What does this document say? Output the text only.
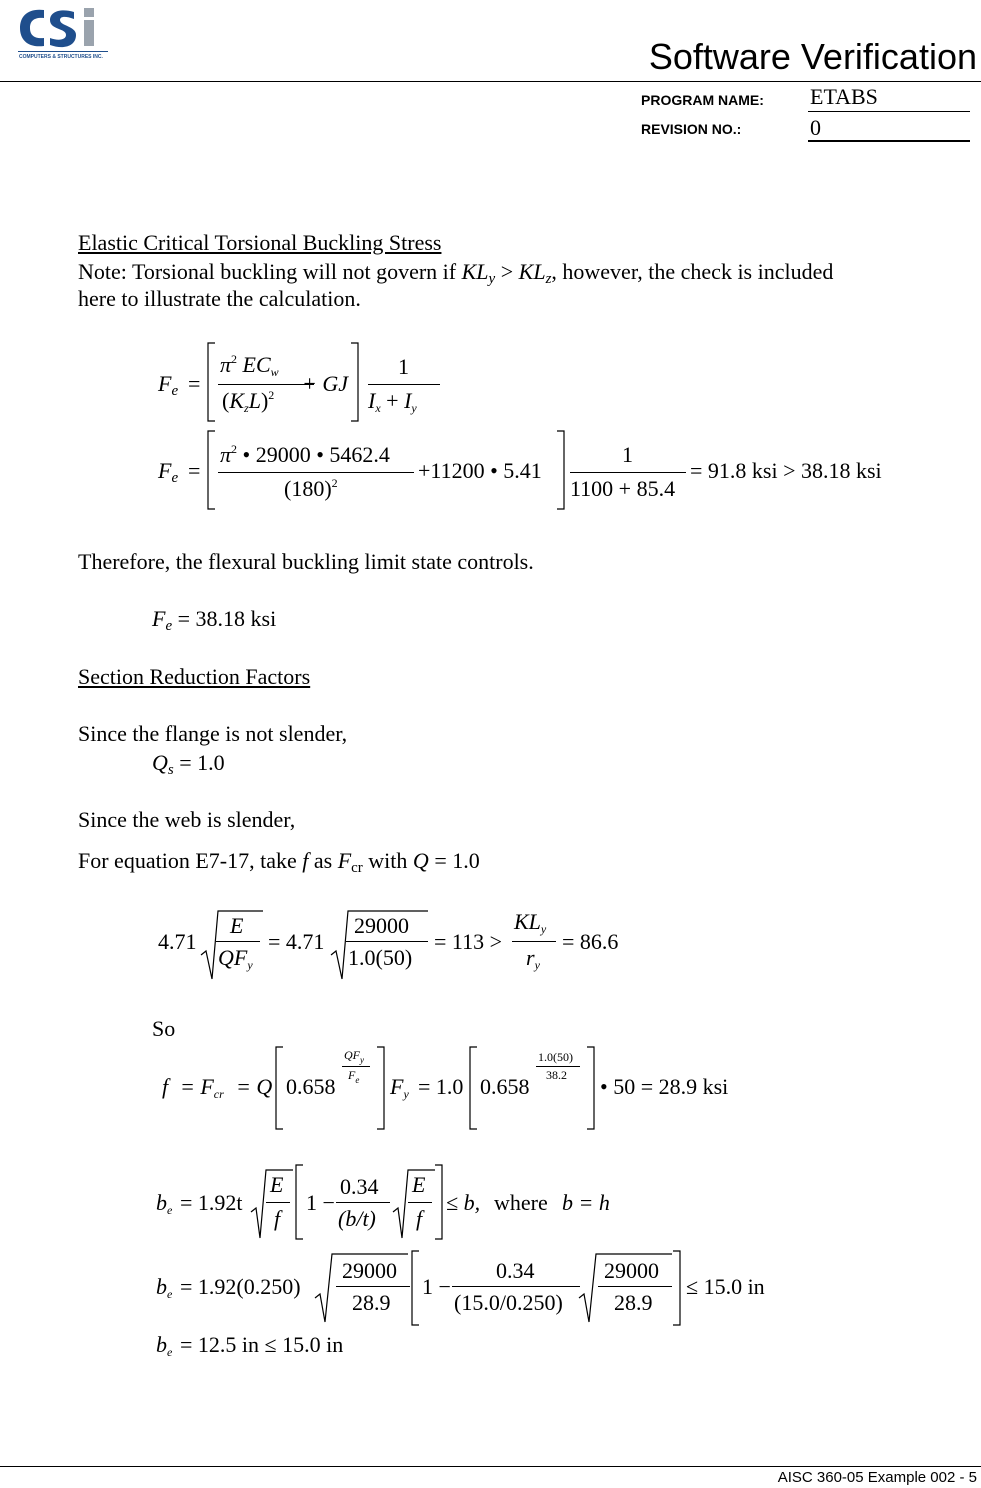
COMPUTERS & STRUCTURES INC.	Software Verification
PROGRAM NAME: ETABS
REVISION NO.:	0
Elastic Critical Torsional Buckling Stress
Note: Torsional buckling will not govern if $KL_y > KL_z$, however, the check is included
here to illustrate the calculation.
$F_e$ =
$\pi^2$ $EC_w$
$(K_zL)^2$ + GJ
1
$I_x + I_y$
$F_e$ =
$\pi^2$ • 29000 • 5462.4
$(180)^2$	+11200 • 5.41
1
1100 + 85.4
= 91.8 ksi > 38.18 ksi
Therefore, the flexural buckling limit state controls.
$F_e = 38.18$ ksi
Section Reduction Factors
Since the flange is not slender,
$Q_s = 1.0$
Since the web is slender,
For equation E7-17, take f as $F_{cr}$ with Q = 1.0
4.71
E
$QF_y$
= 4.71
29000
1.0(50)
= 113 >
$KL_y$
$r_y$
= 86.6
So
$f = F_{cr} = Q$ 0.658
$QF_y$
$F_e$ $F_y = 1.0$ 0.658
1.0(50)
38.2 • 50 = 28.9 ksi
$b_e = 1.92t$
E
f
1 −
0.34
(b/t)
E
f
≤ b, where b = h
$b_e = 1.92(0.250)$
29000
28.9
1 −
0.34
(15.0/0.250)
29000
28.9
≤ 15.0 in
$b_e = 12.5$ in ≤ 15.0 in
AISC 360-05 Example 002 - 5
